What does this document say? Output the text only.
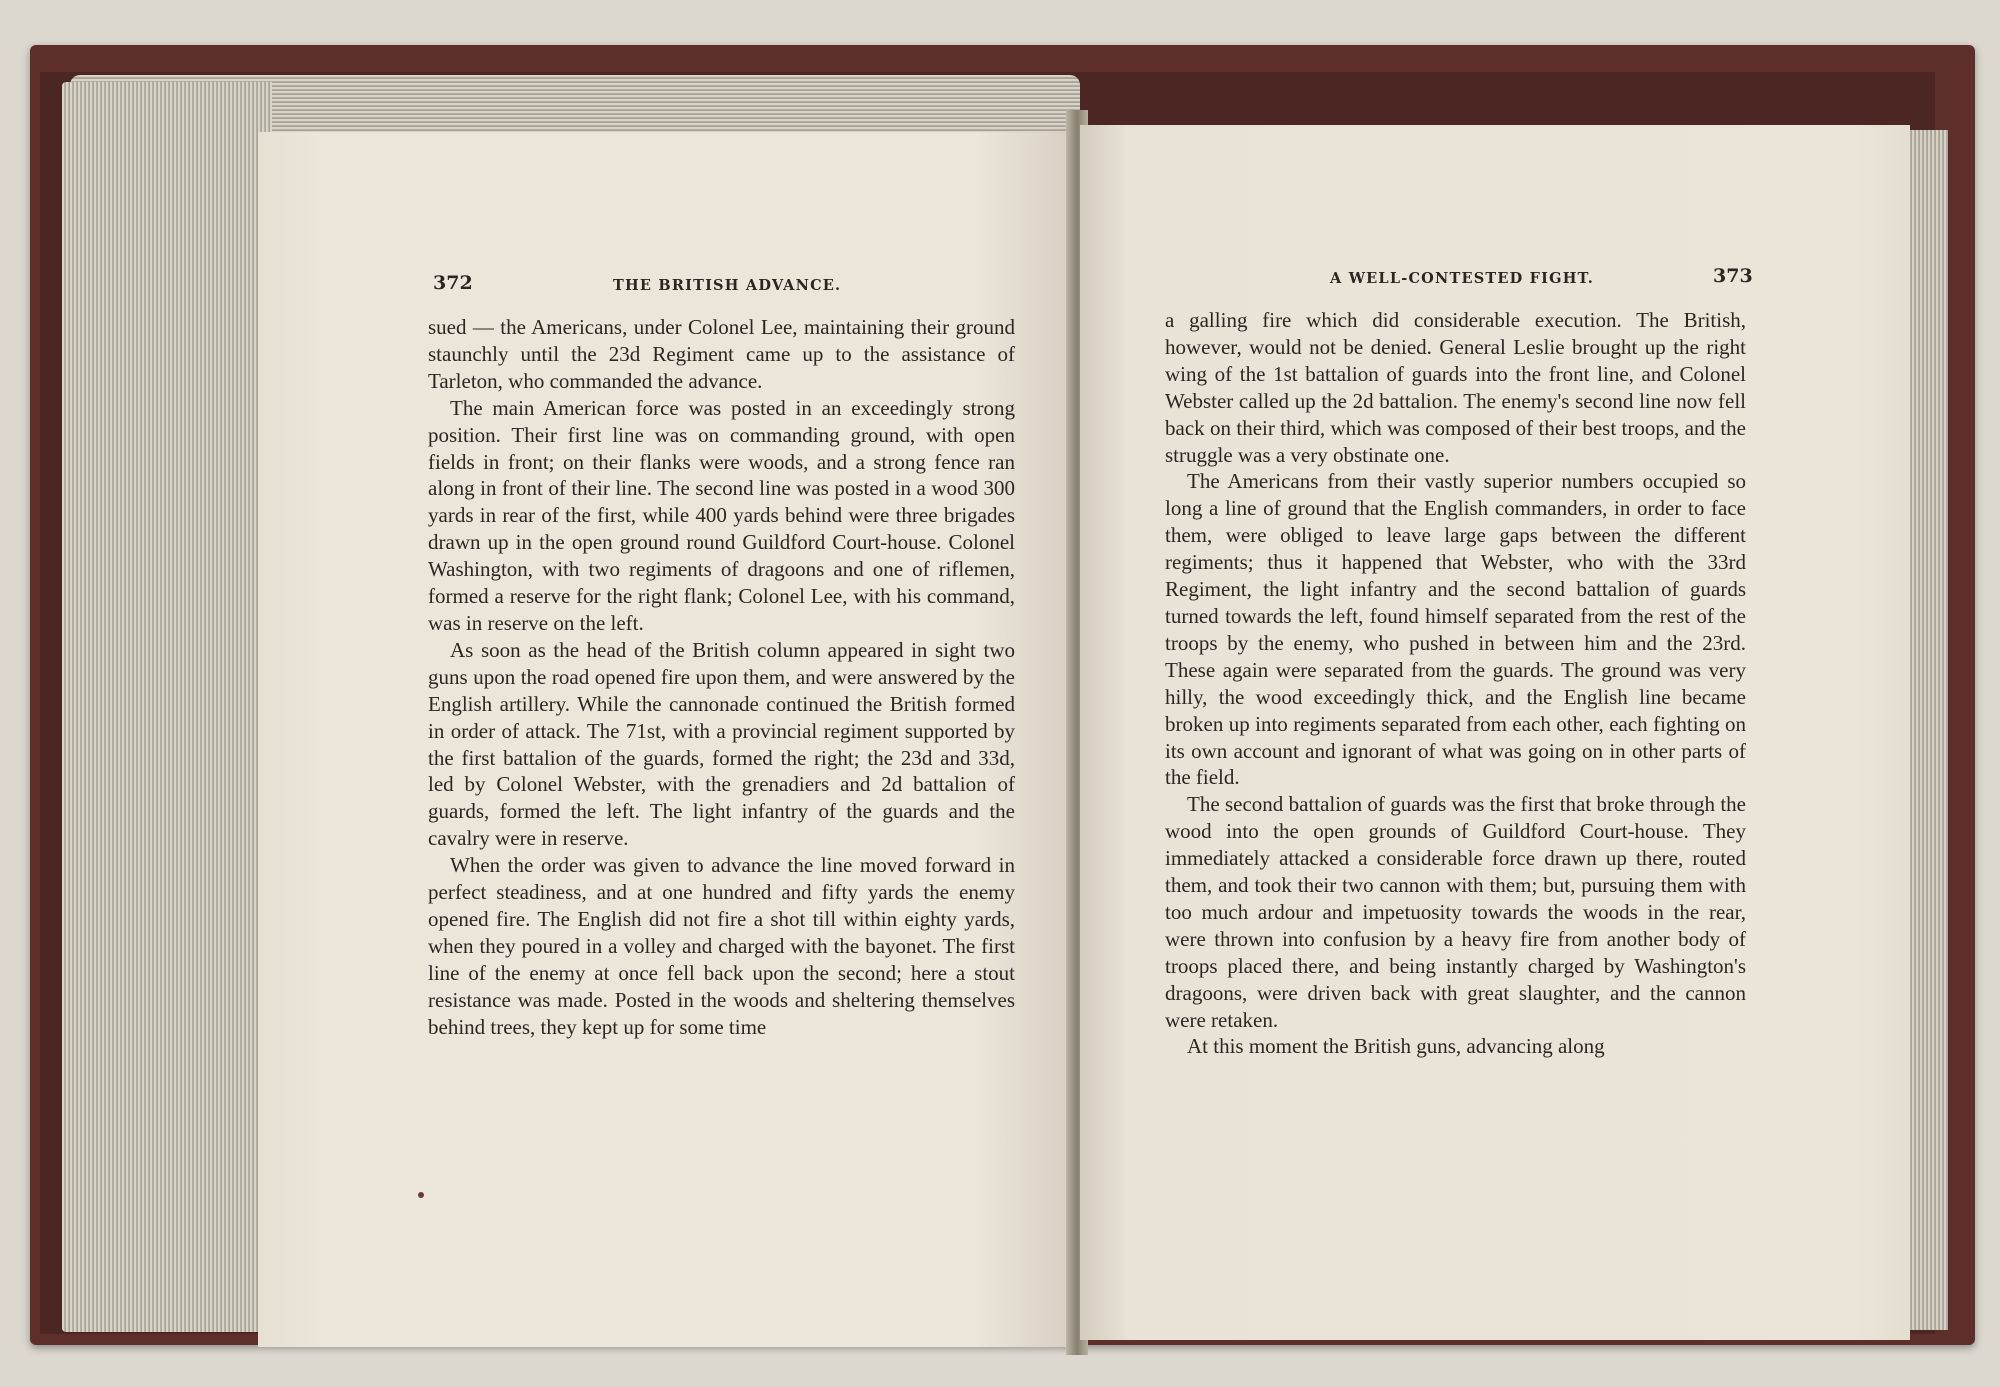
372	THE BRITISH ADVANCE.

sued — the Americans, under Colonel Lee, maintaining their ground staunchly until the 23d Regiment came up to the assistance of Tarleton, who commanded the advance.

The main American force was posted in an exceedingly strong position. Their first line was on commanding ground, with open fields in front; on their flanks were woods, and a strong fence ran along in front of their line. The second line was posted in a wood 300 yards in rear of the first, while 400 yards behind were three brigades drawn up in the open ground round Guildford Court-house. Colonel Washington, with two regiments of dragoons and one of riflemen, formed a reserve for the right flank; Colonel Lee, with his command, was in reserve on the left.

As soon as the head of the British column appeared in sight two guns upon the road opened fire upon them, and were answered by the English artillery. While the cannonade continued the British formed in order of attack. The 71st, with a provincial regiment supported by the first battalion of the guards, formed the right; the 23d and 33d, led by Colonel Webster, with the grenadiers and 2d battalion of guards, formed the left. The light infantry of the guards and the cavalry were in reserve.

When the order was given to advance the line moved forward in perfect steadiness, and at one hundred and fifty yards the enemy opened fire. The English did not fire a shot till within eighty yards, when they poured in a volley and charged with the bayonet. The first line of the enemy at once fell back upon the second; here a stout resistance was made. Posted in the woods and sheltering themselves behind trees, they kept up for some time

A WELL-CONTESTED FIGHT.	373

a galling fire which did considerable execution. The British, however, would not be denied. General Leslie brought up the right wing of the 1st battalion of guards into the front line, and Colonel Webster called up the 2d battalion. The enemy's second line now fell back on their third, which was composed of their best troops, and the struggle was a very obstinate one.

The Americans from their vastly superior numbers occupied so long a line of ground that the English commanders, in order to face them, were obliged to leave large gaps between the different regiments; thus it happened that Webster, who with the 33rd Regiment, the light infantry and the second battalion of guards turned towards the left, found himself separated from the rest of the troops by the enemy, who pushed in between him and the 23rd. These again were separated from the guards. The ground was very hilly, the wood exceedingly thick, and the English line became broken up into regiments separated from each other, each fighting on its own account and ignorant of what was going on in other parts of the field.

The second battalion of guards was the first that broke through the wood into the open grounds of Guildford Court-house. They immediately attacked a considerable force drawn up there, routed them, and took their two cannon with them; but, pursuing them with too much ardour and impetuosity towards the woods in the rear, were thrown into confusion by a heavy fire from another body of troops placed there, and being instantly charged by Washington's dragoons, were driven back with great slaughter, and the cannon were retaken.

At this moment the British guns, advancing along
